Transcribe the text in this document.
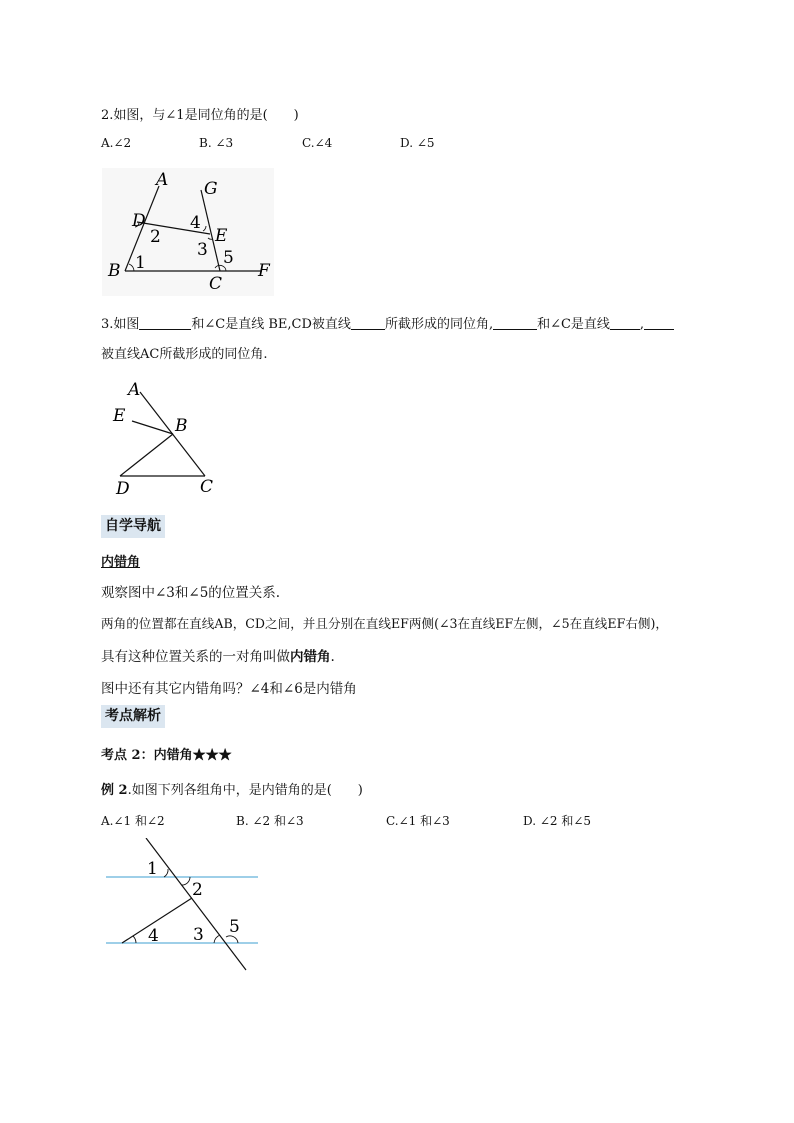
2.如图，与∠1是同位角的是(　　)
A.∠2	B. ∠3	C.∠4	D. ∠5
A G
D	4
E
2
3 5
B 1
C
F
3.如图	和∠C是直线 BE,CD被直线	所截形成的同位角,	和∠C是直线 ,
被直线AC所截形成的同位角.
A
E	B
D	C
自学导航
内错角
观察图中∠3和∠5的位置关系.
两角的位置都在直线AB，CD之间，并且分别在直线EF两侧(∠3在直线EF左侧，∠5在直线EF右侧)，
具有这种位置关系的一对角叫做内错角.
图中还有其它内错角吗？∠4和∠6是内错角
考点解析
考点 2：内错角★★★
例 2.如图下列各组角中，是内错角的是(　　)
A.∠1 和∠2	B. ∠2 和∠3	C.∠1 和∠3	D. ∠2 和∠5
1
2
4 3 5
